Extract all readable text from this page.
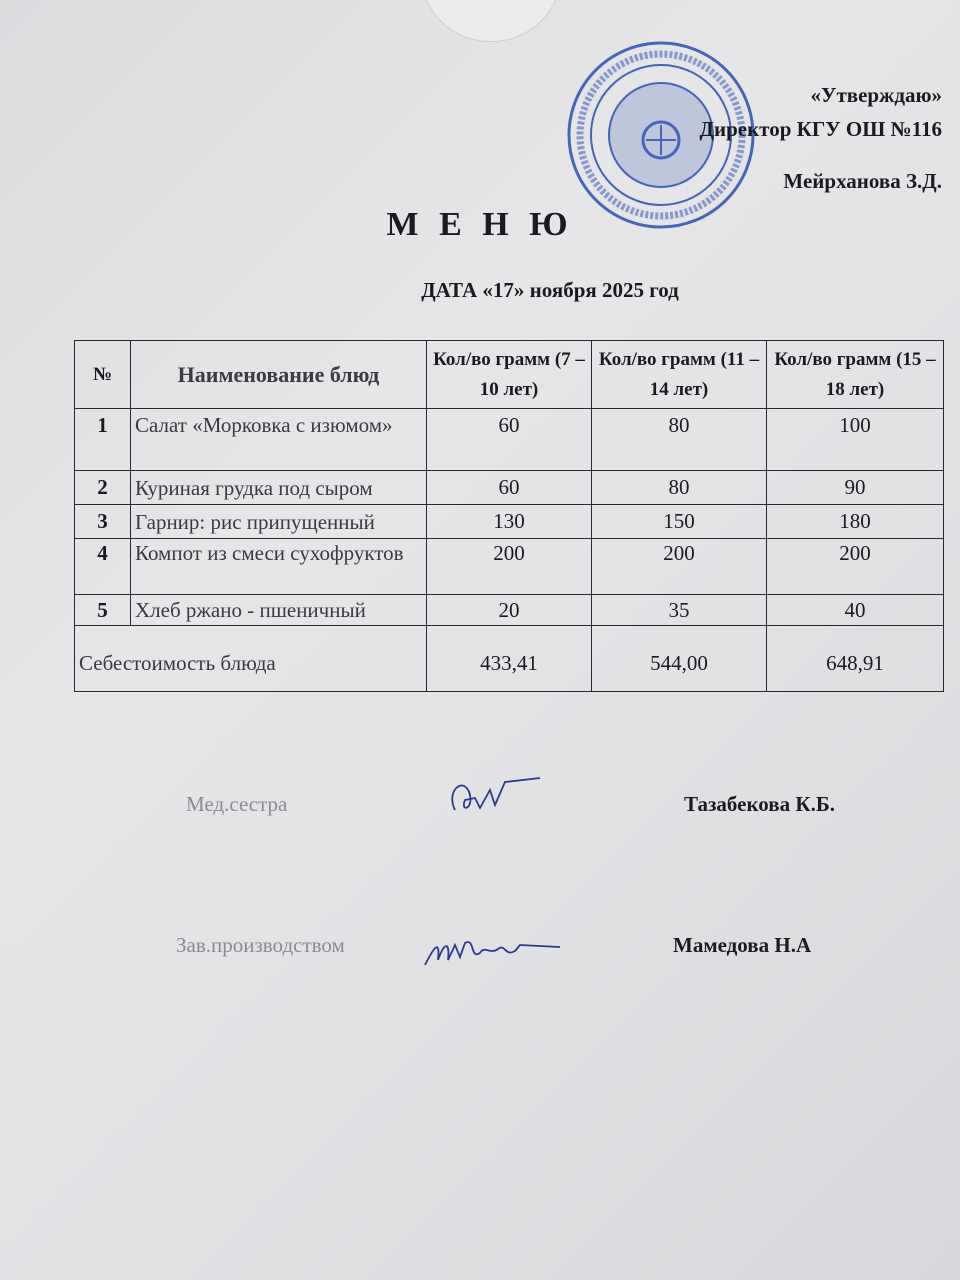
«Утверждаю»
Директор КГУ ОШ №116
Мейрханова З.Д.
М Е Н Ю
ДАТА «17» ноября 2025 год
№	Наименование блюд	Кол/во грамм (7 – 10 лет)	Кол/во грамм (11 – 14 лет)	Кол/во грамм (15 – 18 лет)
1	Салат «Морковка с изюмом»	60	80	100
2	Куриная грудка под сыром	60	80	90
3	Гарнир: рис припущенный	130	150	180
4	Компот из смеси сухофруктов	200	200	200
5	Хлеб ржано - пшеничный	20	35	40
Себестоимость блюда		433,41	544,00	648,91
Мед.сестра	Тазабекова К.Б.
Зав.производством	Мамедова Н.А
